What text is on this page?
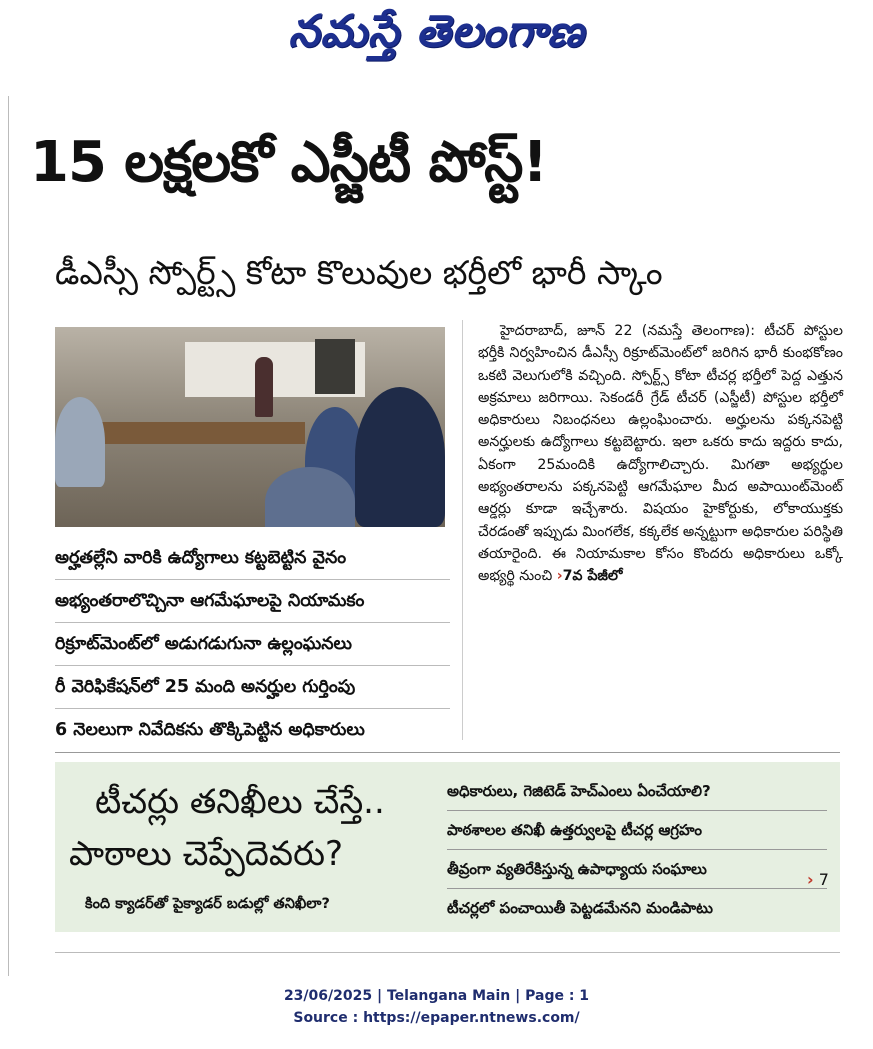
నమస్తే తెలంగాణ
15 లక్షలకో ఎస్జీటీ పోస్ట్!
డీఎస్సీ స్పోర్ట్స్ కోటా కొలువుల భర్తీలో భారీ స్కాం

హైదరాబాద్, జూన్ 22 (నమస్తే తెలంగాణ): టీచర్ పోస్టుల భర్తీకి నిర్వహించిన డీఎస్సీ రిక్రూట్‌మెంట్‌లో జరిగిన భారీ కుంభకోణం ఒకటి వెలుగులోకి వచ్చింది. స్పోర్ట్స్ కోటా టీచర్ల భర్తీలో పెద్ద ఎత్తున అక్రమాలు జరిగాయి. సెకండరీ గ్రేడ్ టీచర్ (ఎస్జీటీ) పోస్టుల భర్తీలో అధికారులు నిబంధనలు ఉల్లంఘించారు. అర్హులను పక్కనపెట్టి అనర్హులకు ఉద్యోగాలు కట్టబెట్టారు. ఇలా ఒకరు కాదు ఇద్దరు కాదు, ఏకంగా 25మందికి ఉద్యోగాలిచ్చారు. మిగతా అభ్యర్థుల అభ్యంతరాలను పక్కనపెట్టి ఆగమేఘాల మీద అపాయింట్‌మెంట్ ఆర్డర్లు కూడా ఇచ్చేశారు. విషయం హైకోర్టుకు, లోకాయుక్తకు చేరడంతో ఇప్పుడు మింగలేక, కక్కలేక అన్నట్టుగా అధికారుల పరిస్థితి తయారైంది. ఈ నియామకాల కోసం కొందరు అధికారులు ఒక్కో అభ్యర్థి నుంచి ›7వ పేజీలో

అర్హతల్లేని వారికి ఉద్యోగాలు కట్టబెట్టిన వైనం
అభ్యంతరాలొచ్చినా ఆగమేఘాలపై నియామకం
రిక్రూట్‌మెంట్‌లో అడుగడుగునా ఉల్లంఘనలు
రీ వెరిఫికేషన్‌లో 25 మంది అనర్హుల గుర్తింపు
6 నెలలుగా నివేదికను తొక్కిపెట్టిన అధికారులు
టీచర్లు తనిఖీలు చేస్తే..
పాఠాలు చెప్పేదెవరు?
కింది క్యాడర్‌తో పైక్యాడర్ బడుల్లో తనిఖీలా?
అధికారులు, గెజిటెడ్ హెచ్‌ఎంలు ఏంచేయాలి?
పాఠశాలల తనిఖీ ఉత్తర్వులపై టీచర్ల ఆగ్రహం
తీవ్రంగా వ్యతిరేకిస్తున్న ఉపాధ్యాయ సంఘాలు
టీచర్లలో పంచాయితీ పెట్టడమేనని మండిపాటు
› 7
23/06/2025 | Telangana Main | Page : 1
Source : https://epaper.ntnews.com/
